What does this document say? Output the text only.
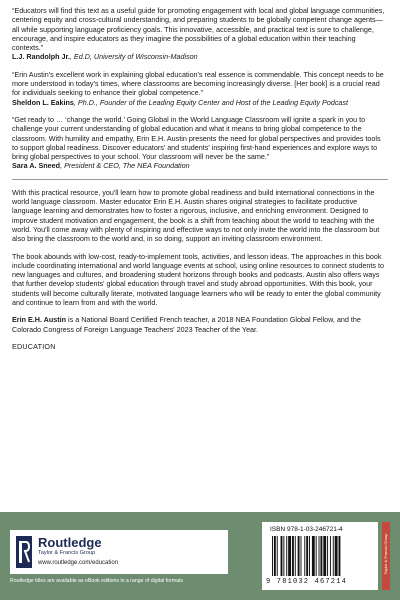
“Educators will find this text as a useful guide for promoting engagement with local and global language communities, centering equity and cross-cultural understanding, and preparing students to be globally competent change agents—all while supporting language proficiency goals. This innovative, accessible, and practical text is sure to challenge, encourage, and inspire educators as they imagine the possibilities of a global education within their teaching contexts.”

L.J. Randolph Jr., Ed.D, University of Wisconsin-Madison

“Erin Austin's excellent work in explaining global education's real essence is commendable. This concept needs to be more understood in today's times, where classrooms are becoming increasingly diverse. [Her book] is a crucial read for individuals seeking to enhance their global competence.”

Sheldon L. Eakins, Ph.D., Founder of the Leading Equity Center and Host of the Leading Equity Podcast

“Get ready to … ‘change the world.’ Going Global in the World Language Classroom will ignite a spark in you to challenge your current understanding of global education and what it means to bring global competence to the classroom. With humility and empathy, Erin E.H. Austin presents the need for global perspectives and provides tools to support global readiness. Discover educators' and students' inspiring first-hand experiences and explore ways to bring global perspectives to your school. Your classroom will never be the same.”

Sara A. Sneed, President & CEO, The NEA Foundation

With this practical resource, you'll learn how to promote global readiness and build international connections in the world language classroom. Master educator Erin E.H. Austin shares original strategies to facilitate productive language learning and demonstrates how to foster a rigorous, inclusive, and enriching environment. Designed to improve student motivation and engagement, the book is a shift from teaching about the world to teaching with the world. You'll come away with plenty of inspiring and effective ways to not only invite the world into the classroom but also bring the classroom to the world and, in so doing, support an inviting classroom environment.

The book abounds with low-cost, ready-to-implement tools, activities, and lesson ideas. The approaches in this book include coordinating international and world language events at school, using online resources to connect students to new languages and cultures, and broadening student horizons through books and podcasts. Austin also offers ways that further develop students' global education through travel and study abroad opportunities. With this book, your students will become culturally literate, motivated language learners who will be ready to enter the global community and continue to learn from and with the world.

Erin E.H. Austin is a National Board Certified French teacher, a 2018 NEA Foundation Global Fellow, and the Colorado Congress of Foreign Language Teachers' 2023 Teacher of the Year.

EDUCATION
Routledge
Taylor & Francis Group
www.routledge.com/education
Routledge titles are available as eBook editions in a range of digital formats
ISBN 978-1-03-246721-4
9 781032 467214
Taylor & Francis Group
